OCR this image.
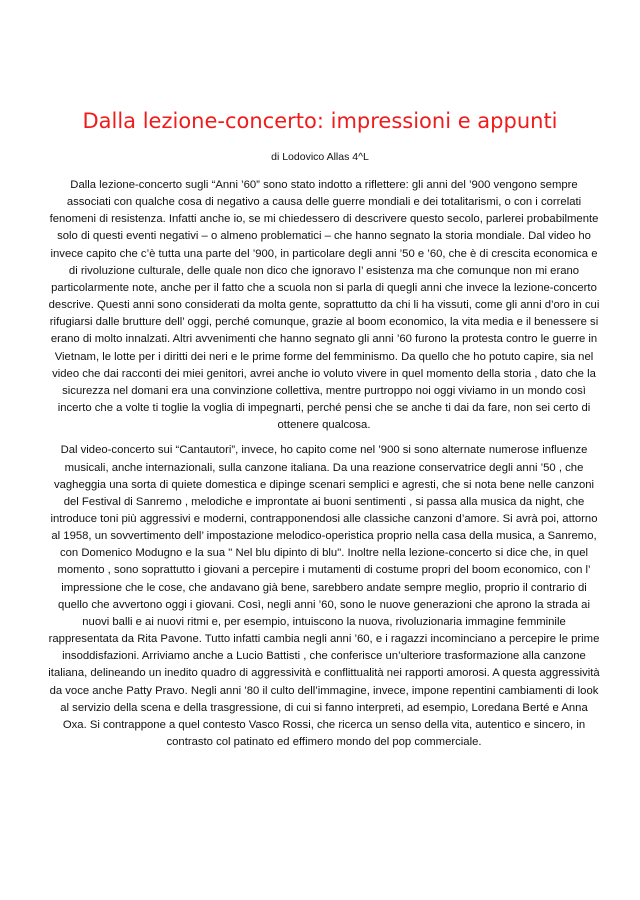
Dalla lezione-concerto: impressioni e appunti
di Lodovico Allas 4^L

Dalla lezione-concerto sugli “Anni ’60” sono stato indotto a riflettere: gli anni del ’900 vengono sempre associati con qualche cosa di negativo a causa delle guerre mondiali e dei totalitarismi, o con i correlati fenomeni di resistenza. Infatti anche io, se mi chiedessero di descrivere questo secolo, parlerei probabilmente solo di questi eventi negativi – o almeno problematici – che hanno segnato la storia mondiale. Dal video ho invece capito che c’è tutta una parte del ’900, in particolare degli anni ’50 e ’60, che è di crescita economica e di rivoluzione culturale, delle quale non dico che ignoravo l’ esistenza ma che comunque non mi erano particolarmente note, anche per il fatto che a scuola non si parla di quegli anni che invece la lezione-concerto descrive. Questi anni sono considerati da molta gente, soprattutto da chi li ha vissuti, come gli anni d’oro in cui rifugiarsi dalle brutture dell’ oggi, perché comunque, grazie al boom economico, la vita media e il benessere si erano di molto innalzati. Altri avvenimenti che hanno segnato gli anni ’60 furono la protesta contro le guerre in Vietnam, le lotte per i diritti dei neri e le prime forme del femminismo. Da quello che ho potuto capire, sia nel video che dai racconti dei miei genitori, avrei anche io voluto vivere in quel momento della storia , dato che la sicurezza nel domani era una convinzione collettiva, mentre purtroppo noi oggi viviamo in un mondo così incerto che a volte ti toglie la voglia di impegnarti, perché pensi che se anche ti dai da fare, non sei certo di ottenere qualcosa.

Dal video-concerto sui “Cantautori”, invece, ho capito come nel ’900 si sono alternate numerose influenze musicali, anche internazionali, sulla canzone italiana. Da una reazione conservatrice degli anni ’50 , che vagheggia una sorta di quiete domestica e dipinge scenari semplici e agresti, che si nota bene nelle canzoni del Festival di Sanremo , melodiche e improntate ai buoni sentimenti , si passa alla musica da night, che introduce toni più aggressivi e moderni, contrapponendosi alle classiche canzoni d’amore. Si avrà poi, attorno al 1958, un sovvertimento dell’ impostazione melodico-operistica proprio nella casa della musica, a Sanremo, con Domenico Modugno e la sua " Nel blu dipinto di blu". Inoltre nella lezione-concerto si dice che, in quel momento , sono soprattutto i giovani a percepire i mutamenti di costume propri del boom economico, con l’ impressione che le cose, che andavano già bene, sarebbero andate sempre meglio, proprio il contrario di quello che avvertono oggi i giovani. Così, negli anni ’60, sono le nuove generazioni che aprono la strada ai nuovi balli e ai nuovi ritmi e, per esempio, intuiscono la nuova, rivoluzionaria immagine femminile rappresentata da Rita Pavone. Tutto infatti cambia negli anni ’60, e i ragazzi incominciano a percepire le prime insoddisfazioni. Arriviamo anche a Lucio Battisti , che conferisce un’ulteriore trasformazione alla canzone italiana, delineando un inedito quadro di aggressività e conflittualità nei rapporti amorosi. A questa aggressività da voce anche Patty Pravo. Negli anni ’80 il culto dell’immagine, invece, impone repentini cambiamenti di look al servizio della scena e della trasgressione, di cui si fanno interpreti, ad esempio, Loredana Berté e Anna Oxa. Si contrappone a quel contesto Vasco Rossi, che ricerca un senso della vita, autentico e sincero, in contrasto col patinato ed effimero mondo del pop commerciale.
